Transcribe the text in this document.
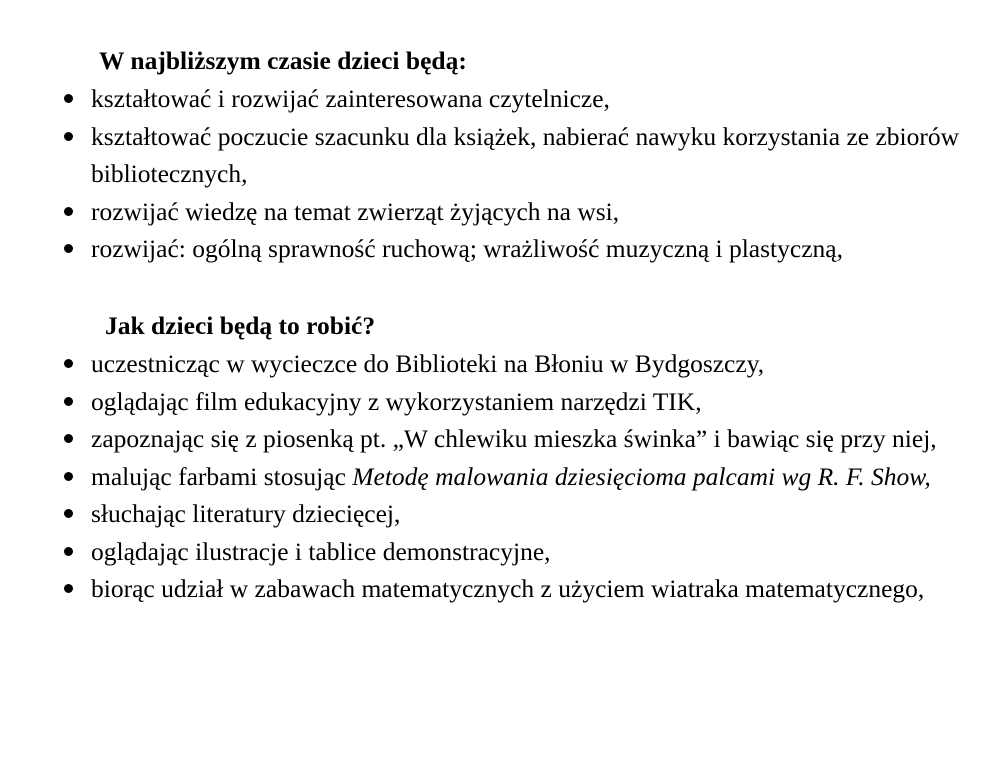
W najbliższym czasie dzieci będą:

kształtować i rozwijać zainteresowana czytelnicze,
kształtować poczucie szacunku dla książek, nabierać nawyku korzystania ze zbiorów bibliotecznych,
rozwijać wiedzę na temat zwierząt żyjących na wsi,
rozwijać: ogólną sprawność ruchową; wrażliwość muzyczną i plastyczną,

Jak dzieci będą to robić?

uczestnicząc w wycieczce do Biblioteki na Błoniu w Bydgoszczy,
oglądając film edukacyjny z wykorzystaniem narzędzi TIK,
zapoznając się z piosenką pt. „W chlewiku mieszka świnka” i bawiąc się przy niej,
malując farbami stosując Metodę malowania dziesięcioma palcami wg R. F. Show,
słuchając literatury dziecięcej,
oglądając ilustracje i tablice demonstracyjne,
biorąc udział w zabawach matematycznych z użyciem wiatraka matematycznego,
